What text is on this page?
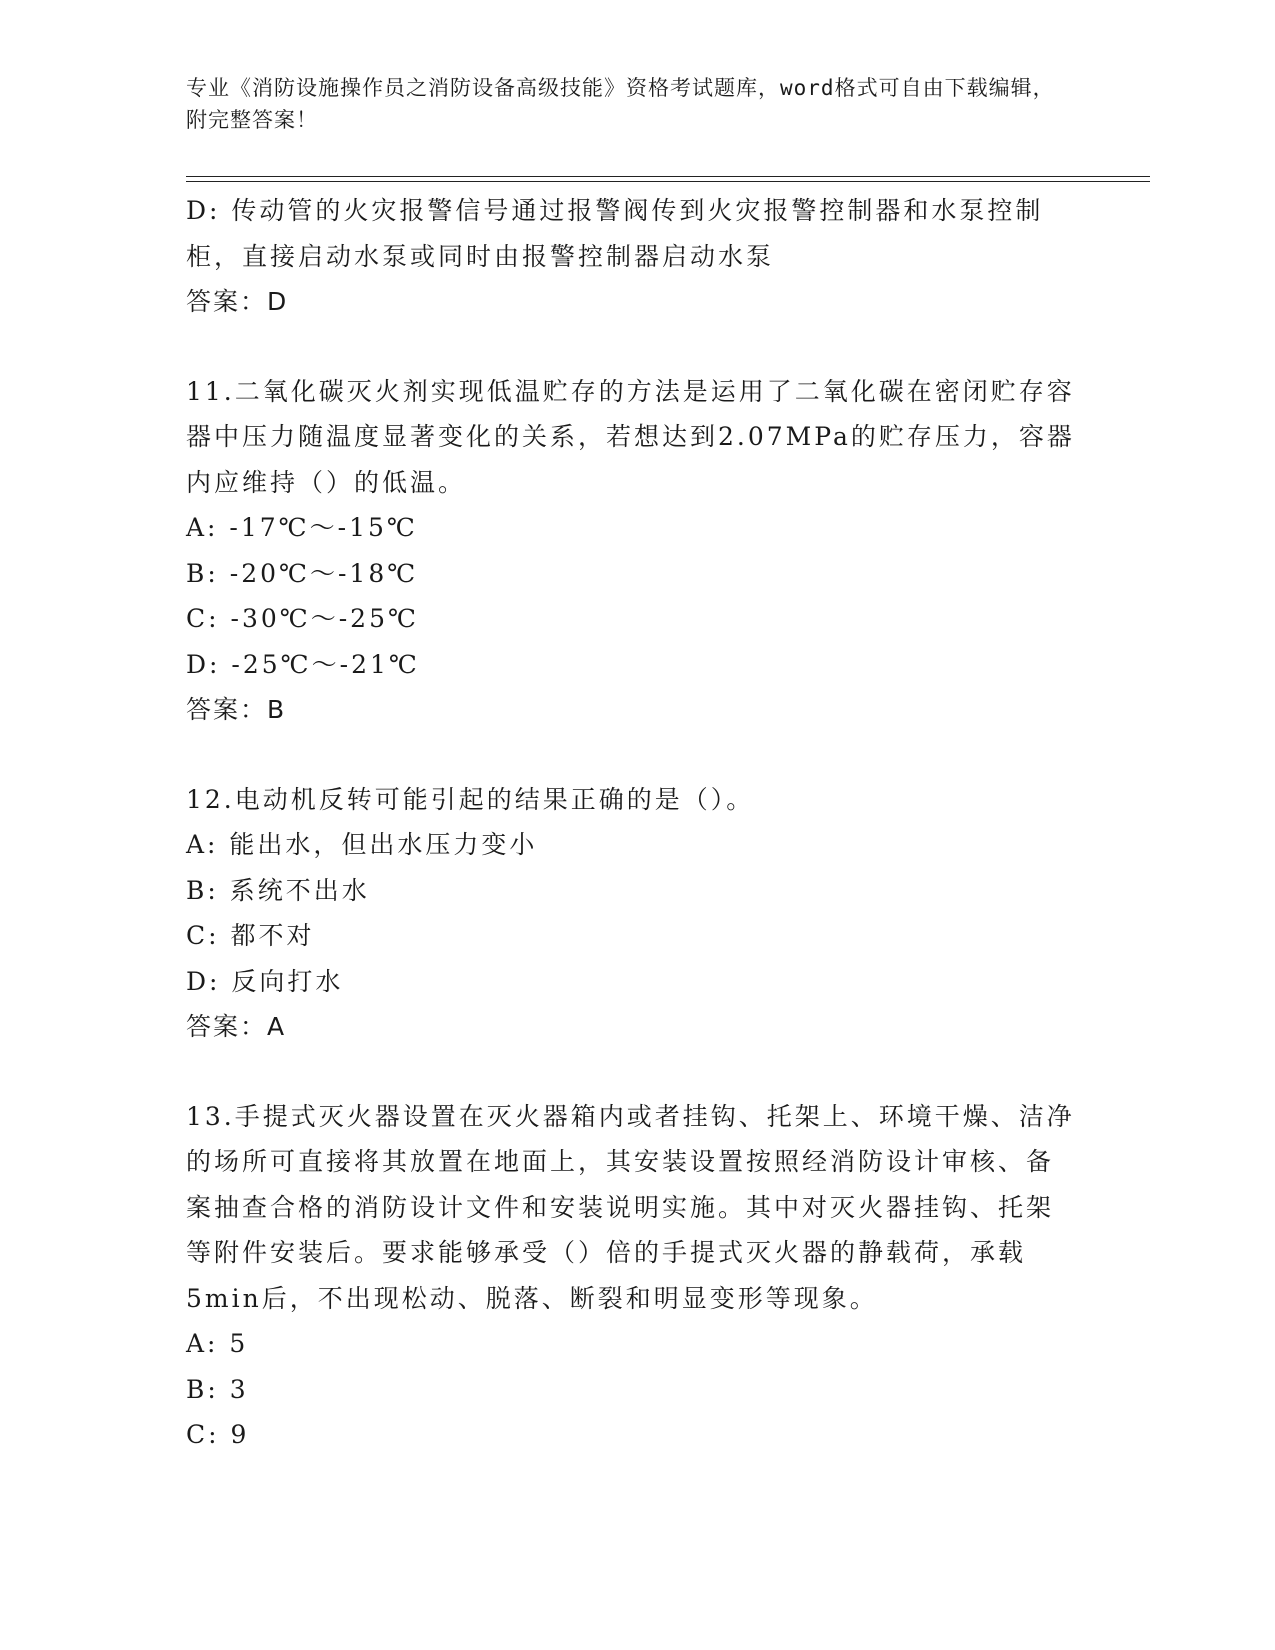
专业《消防设施操作员之消防设备高级技能》资格考试题库，word格式可自由下载编辑，附完整答案！
D: 传动管的火灾报警信号通过报警阀传到火灾报警控制器和水泵控制柜，直接启动水泵或同时由报警控制器启动水泵
答案：D
11.二氧化碳灭火剂实现低温贮存的方法是运用了二氧化碳在密闭贮存容器中压力随温度显著变化的关系，若想达到2.07MPa的贮存压力，容器内应维持（）的低温。
A: -17℃～-15℃
B: -20℃～-18℃
C: -30℃～-25℃
D: -25℃～-21℃
答案：B
12.电动机反转可能引起的结果正确的是（）。
A: 能出水，但出水压力变小
B: 系统不出水
C: 都不对
D: 反向打水
答案：A
13.手提式灭火器设置在灭火器箱内或者挂钩、托架上、环境干燥、洁净的场所可直接将其放置在地面上，其安装设置按照经消防设计审核、备案抽查合格的消防设计文件和安装说明实施。其中对灭火器挂钩、托架等附件安装后。要求能够承受（）倍的手提式灭火器的静载荷，承载5min后，不出现松动、脱落、断裂和明显变形等现象。
A: 5
B: 3
C: 9
